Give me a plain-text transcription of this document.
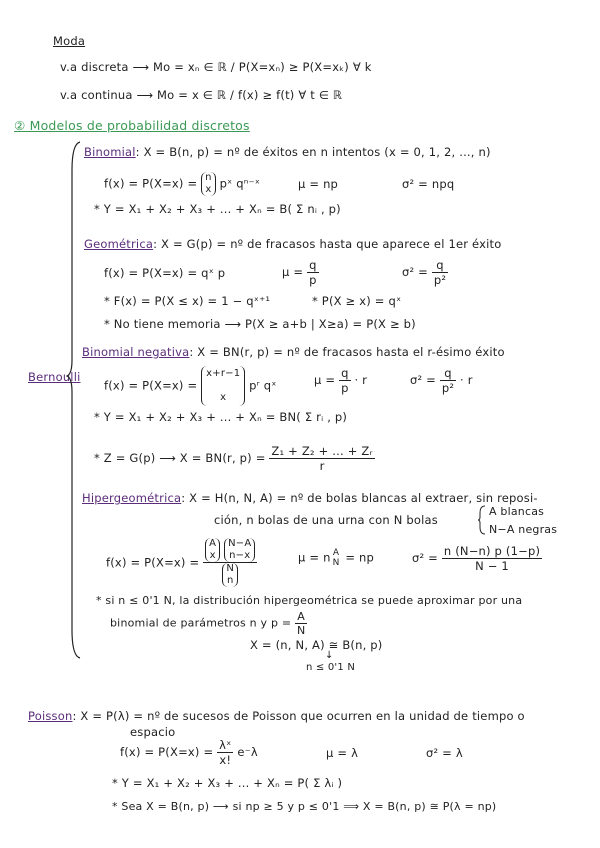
Moda
v.a discreta ⟶ Mo = xₙ ∈ ℝ / P(X=xₙ) ≥ P(X=xₖ) ∀ k
v.a continua ⟶ Mo = x ∈ ℝ / f(x) ≥ f(t) ∀ t ∈ ℝ
② Modelos de probabilidad discretos
Bernoulli
Binomial: X = B(n, p) = nº de éxitos en n intentos (x = 0, 1, 2, ..., n)
f(x) = P(X=x) = n
x pˣ qⁿ⁻ˣ	μ = np	σ² = npq
* Y = X₁ + X₂ + X₃ + ... + Xₙ = B( Σ nᵢ , p)
Geométrica: X = G(p) = nº de fracasos hasta que aparece el 1er éxito
f(x) = P(X=x) = qˣ p	$\mu = \frac{q}{p}$	$\sigma^2 = \frac{q}{\text{p²}}$
* F(x) = P(X ≤ x) = 1 − qˣ⁺¹	* P(X ≥ x) = qˣ
* No tiene memoria ⟶ P(X ≥ a+b | X≥a) = P(X ≥ b)
Binomial negativa: X = BN(r, p) = nº de fracasos hasta el r-ésimo éxito
f(x) = P(X=x) = x+r−1

x pʳ qˣ	$\mu = \frac{q}{p} \cdot r$	$\sigma^2 = \frac{q}{\text{p²}} \cdot r$
* Y = X₁ + X₂ + X₃ + ... + Xₙ = BN( Σ rᵢ , p)
* Z = G(p) ⟶ X = BN(r, $p) = \frac{\text{Z₁ + Z₂ + ... + Zᵣ}}{r}$
Hipergeométrica: X = H(n, N, A) = nº de bolas blancas al extraer, sin reposi-
ción, n bolas de una urna con N bolas
A blancas
N−A negras
f(x) = P(X=x) =
A
x N−A
n−x
N
n
μ = n A
N = np	$\sigma^2 = \frac{n (N-n) p (1-p)}{N - 1}$
* si n ≤ 0'1 N, la distribución hipergeométrica se puede aproximar por una
binomial de parámetros n y $p = \frac{A}{N}$
X = (n, N, A) ≅ B(n, p)
↓
n ≤ 0'1 N
Poisson: X = P(λ) = nº de sucesos de Poisson que ocurren en la unidad de tiempo o
espacio
$f(x) = P(X=x) = \frac{\text{λˣ}}{x!} e^-\lambda$	μ = λ	σ² = λ
* Y = X₁ + X₂ + X₃ + ... + Xₙ = P( Σ λᵢ )
* Sea X = B(n, p) ⟶ si np ≥ 5 y p ≤ 0'1 ⟹ X = B(n, p) ≅ P(λ = np)
